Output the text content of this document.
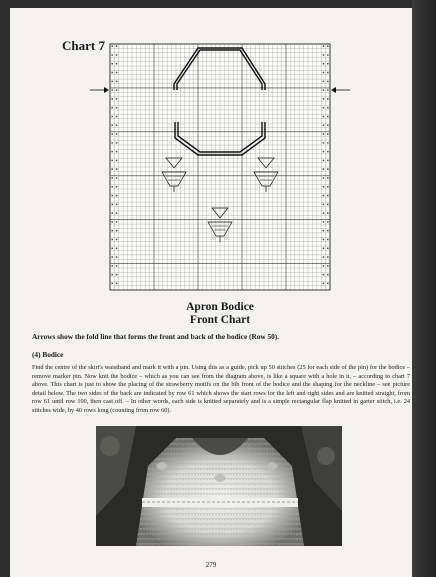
Chart 7
Apron Bodice
Front Chart
Arrows show the fold line that forms the front and back of the bodice (Row 50).
(4) Bodice
Find the centre of the skirt's waistband and mark it with a pin. Using this as a guide, pick up 50 stitches (25 for each side of the pin) for the bodice – remove marker pin. Now knit the bodice – which as you can see from the diagram above, is like a square with a hole in it, – according to chart 7 above. This chart is just to show the placing of the strawberry motifs on the bib front of the bodice and the shaping for the neckline – see picture detail below. The two sides of the back are indicated by row 61 which shows the start rows for the left and right sides and are knitted straight, from row 61 until row 100, then cast off. – In other words, each side is knitted separately and is a simple rectangular flap knitted in garter stitch, i.e. 24 stitches wide, by 40 rows long (counting from row 60).
279
